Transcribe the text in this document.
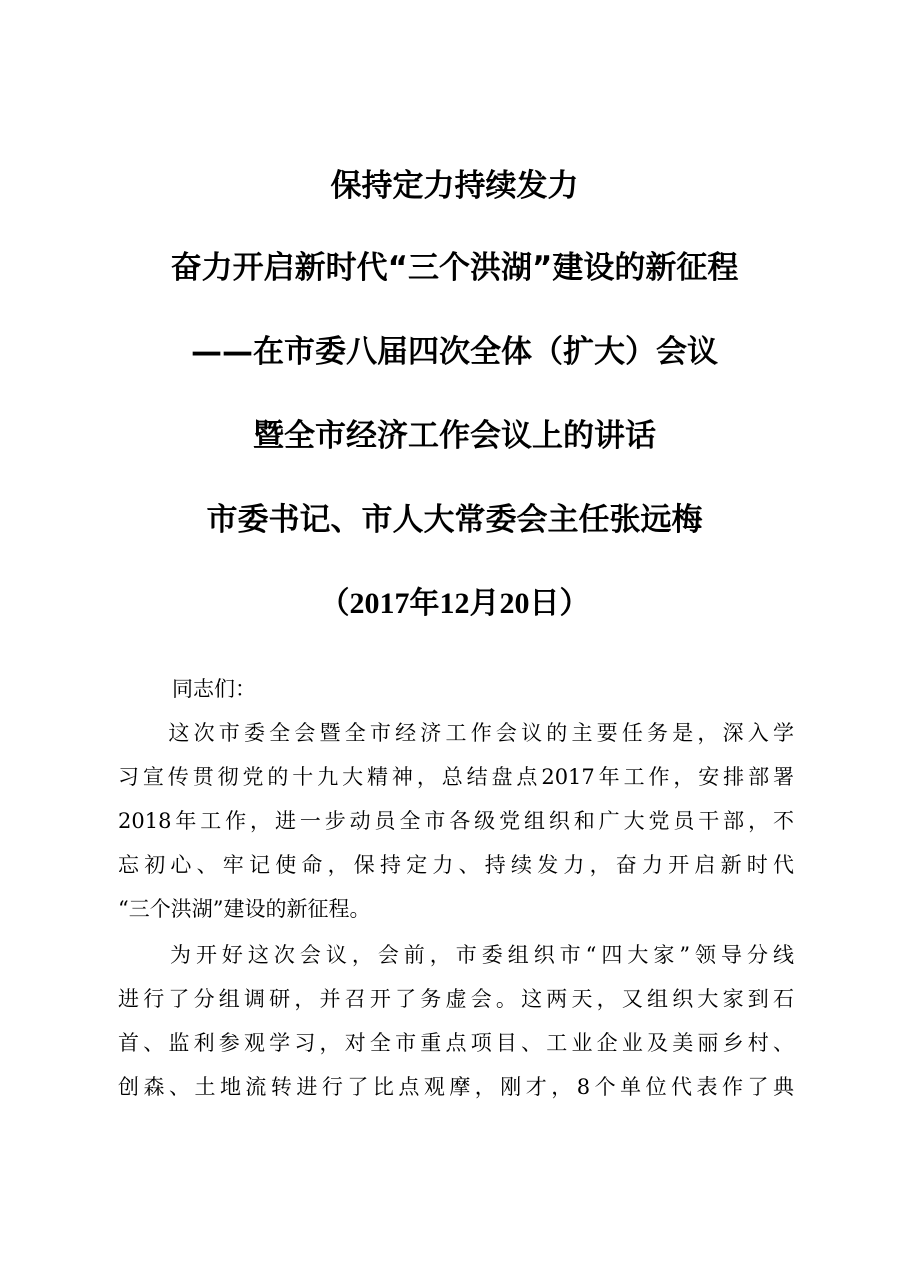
保持定力持续发力
奋力开启新时代“三个洪湖”建设的新征程
——在市委八届四次全体（扩大）会议
暨全市经济工作会议上的讲话
市委书记、市人大常委会主任张远梅
（2017年12月20日）
同志们：
　　这次市委全会暨全市经济工作会议的主要任务是，深入学
习宣传贯彻党的十九大精神，总结盘点2017年工作，安排部署
2018年工作，进一步动员全市各级党组织和广大党员干部，不
忘初心、牢记使命，保持定力、持续发力，奋力开启新时代
“三个洪湖”建设的新征程。
　　为开好这次会议，会前，市委组织市“四大家”领导分线
进行了分组调研，并召开了务虚会。这两天，又组织大家到石
首、监利参观学习，对全市重点项目、工业企业及美丽乡村、
创森、土地流转进行了比点观摩，刚才，8个单位代表作了典
